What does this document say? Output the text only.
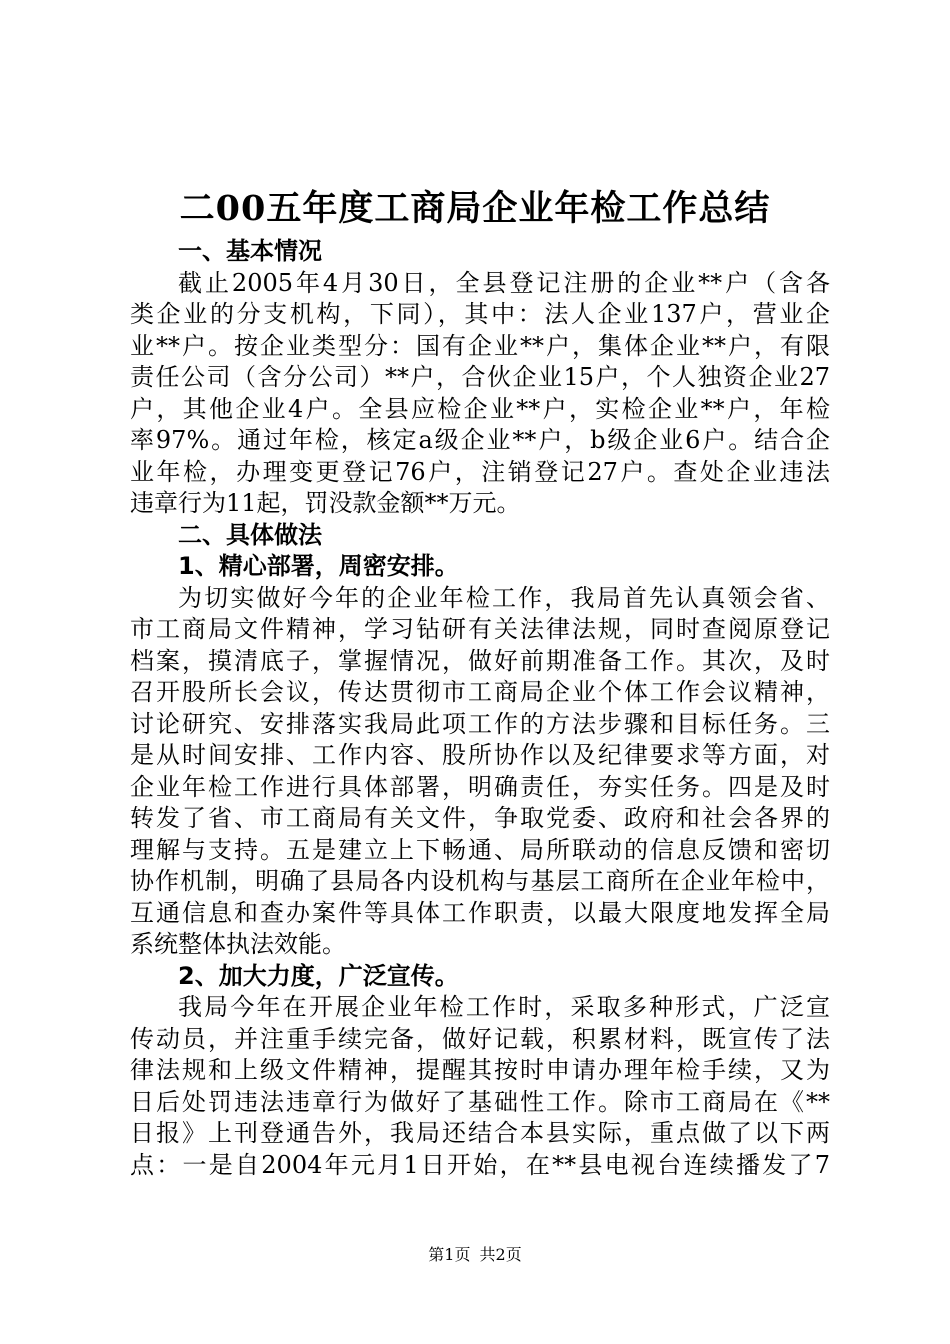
二00五年度工商局企业年检工作总结
一、基本情况
截止2005年4月30日，全县登记注册的企业**户（含各
类企业的分支机构，下同），其中：法人企业137户，营业企
业**户。按企业类型分：国有企业**户，集体企业**户，有限
责任公司（含分公司）**户，合伙企业15户，个人独资企业27
户，其他企业4户。全县应检企业**户，实检企业**户，年检
率97%。通过年检，核定a级企业**户，b级企业6户。结合企
业年检，办理变更登记76户，注销登记27户。查处企业违法
违章行为11起，罚没款金额**万元。
二、具体做法
1、精心部署，周密安排。
为切实做好今年的企业年检工作，我局首先认真领会省、
市工商局文件精神，学习钻研有关法律法规，同时查阅原登记
档案，摸清底子，掌握情况，做好前期准备工作。其次，及时
召开股所长会议，传达贯彻市工商局企业个体工作会议精神，
讨论研究、安排落实我局此项工作的方法步骤和目标任务。三
是从时间安排、工作内容、股所协作以及纪律要求等方面，对
企业年检工作进行具体部署，明确责任，夯实任务。四是及时
转发了省、市工商局有关文件，争取党委、政府和社会各界的
理解与支持。五是建立上下畅通、局所联动的信息反馈和密切
协作机制，明确了县局各内设机构与基层工商所在企业年检中，
互通信息和查办案件等具体工作职责，以最大限度地发挥全局
系统整体执法效能。
2、加大力度，广泛宣传。
我局今年在开展企业年检工作时，采取多种形式，广泛宣
传动员，并注重手续完备，做好记载，积累材料，既宣传了法
律法规和上级文件精神，提醒其按时申请办理年检手续，又为
日后处罚违法违章行为做好了基础性工作。除市工商局在《**
日报》上刊登通告外，我局还结合本县实际，重点做了以下两
点：一是自2004年元月1日开始，在**县电视台连续播发了7
第1页 共2页
